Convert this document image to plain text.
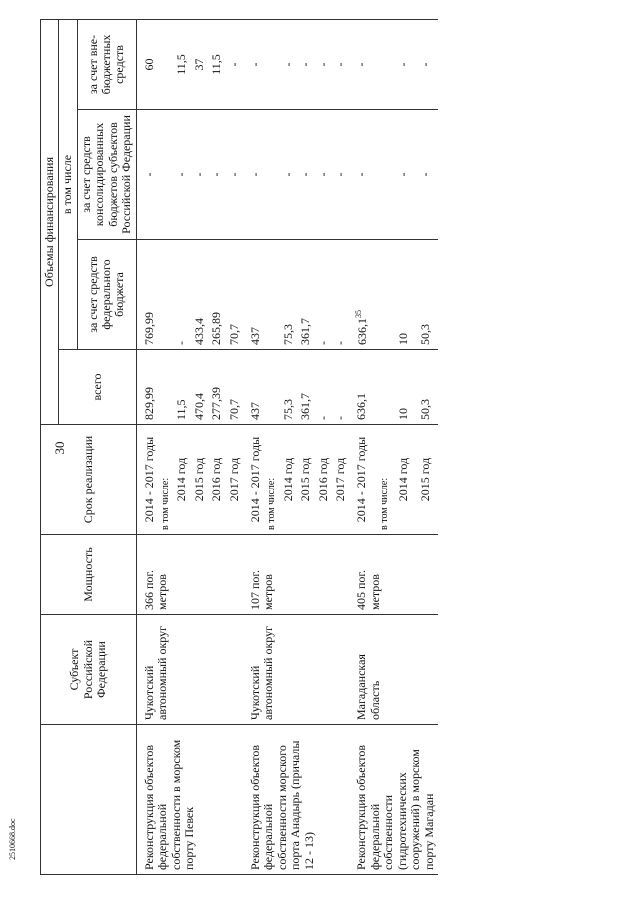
30
2510668.doc
	Субъект Российской Федерации	Мощность	Срок реализации	Объемы финансирования			
				всего	в том числе		
					за счет средств федерального бюджета	за счет средств консолидированных бюджетов субъектов Российской Федерации	за счет вне-бюджетных средств
Реконструкция объектов федеральной собственности в морском порту Певек	Чукотский автономный округ	366 пог. метров	2014 - 2017 годы	829,99	769,99	-	60
			в том числе:				
			2014 год	11,5	-	-	11,5
			2015 год	470,4	433,4	-	37
			2016 год	277,39	265,89	-	11,5
			2017 год	70,7	70,7	-	-
Реконструкция объектов федеральной собственности морского порта Анадырь (причалы 12 - 13)	Чукотский автономный округ	107 пог. метров	2014 - 2017 годы	437	437	-	-
			в том числе:				
			2014 год	75,3	75,3	-	-
			2015 год	361,7	361,7	-	-
			2016 год	-	-	-	-
			2017 год	-	-	-	-
Реконструкция объектов федеральной собственности (гидротехнических сооружений) в морском порту Магадан	Магаданская область	405 пог. метров	2014 - 2017 годы	636,1	636,1$^{35}$	-	-
			в том числе:				
			2014 год	10	10	-	-
			2015 год	50,3	50,3	-	-
